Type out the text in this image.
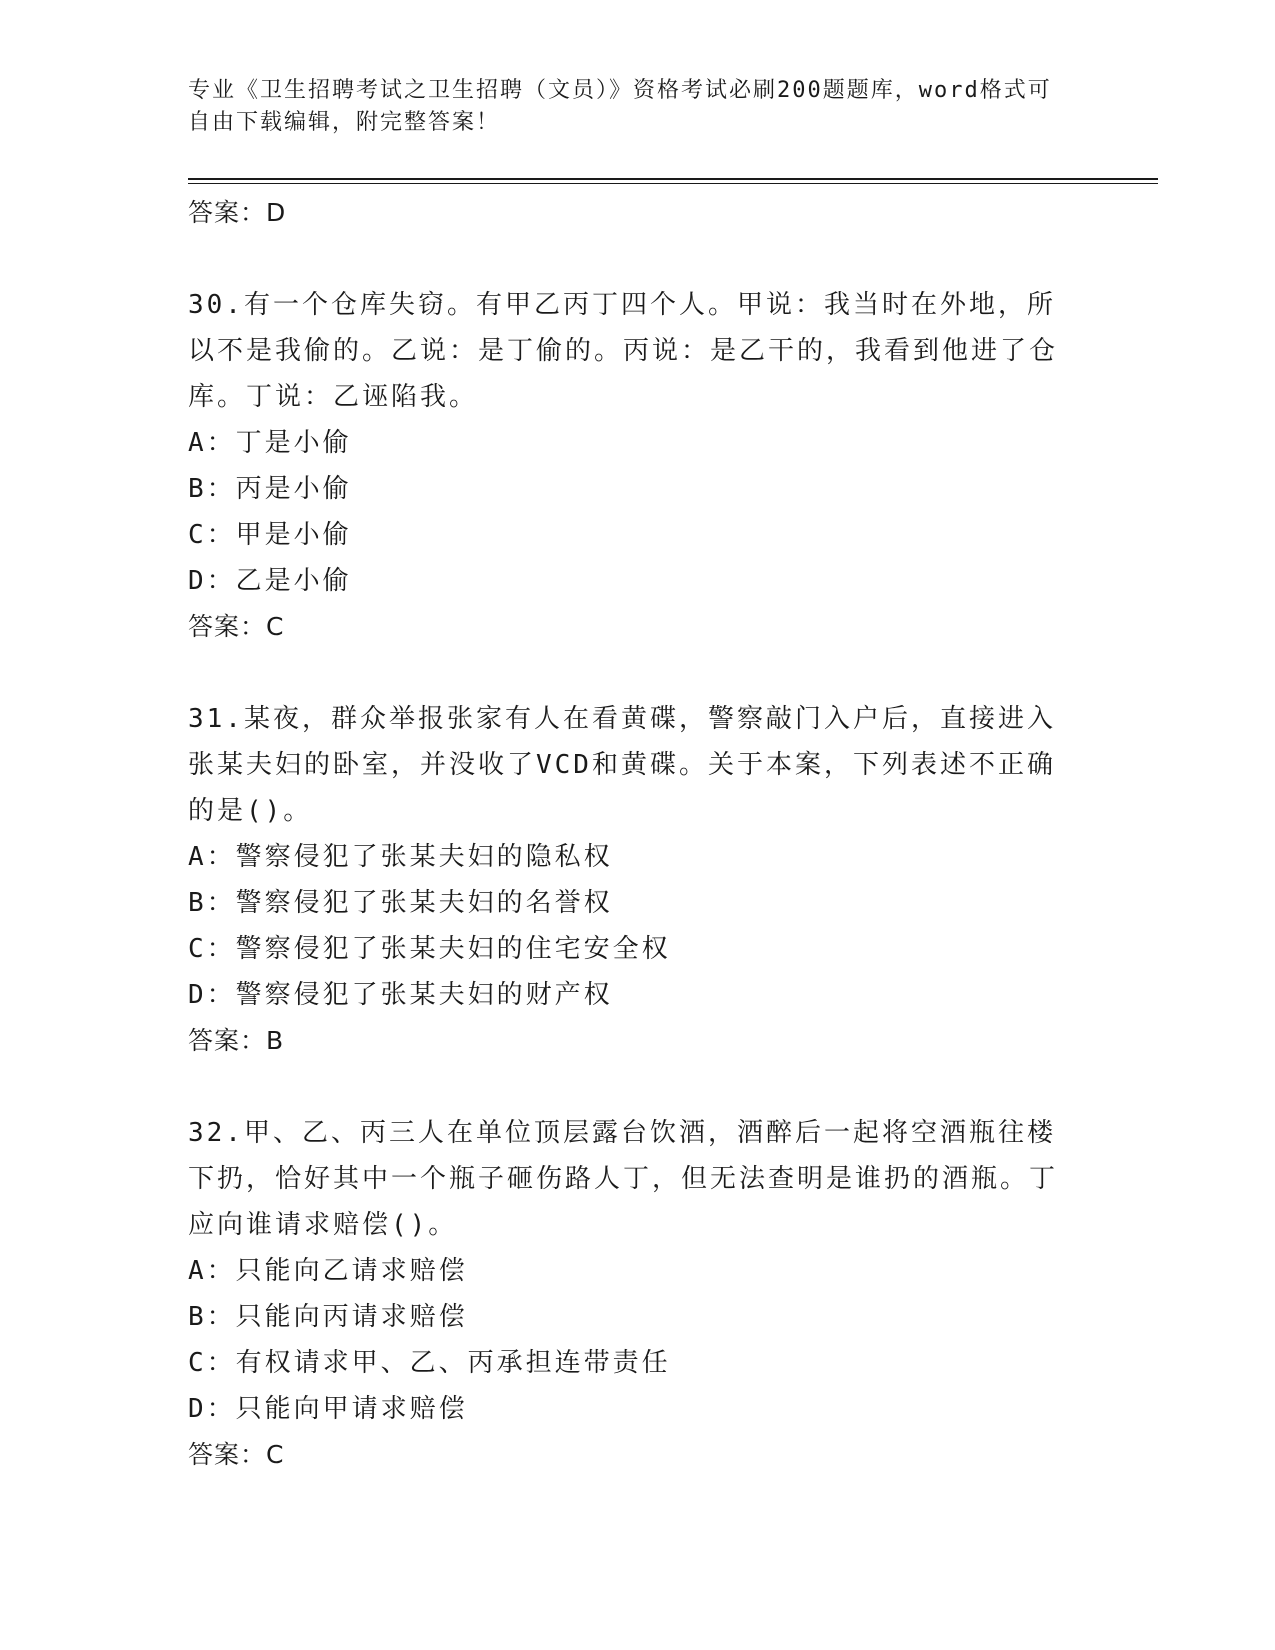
专业《卫生招聘考试之卫生招聘（文员）》资格考试必刷200题题库，word格式可自由下载编辑，附完整答案！
答案：D
30.有一个仓库失窃。有甲乙丙丁四个人。甲说：我当时在外地，所以不是我偷的。乙说：是丁偷的。丙说：是乙干的，我看到他进了仓库。丁说：乙诬陷我。
A：丁是小偷
B：丙是小偷
C：甲是小偷
D：乙是小偷
答案：C
31.某夜，群众举报张家有人在看黄碟，警察敲门入户后，直接进入张某夫妇的卧室，并没收了VCD和黄碟。关于本案，下列表述不正确的是()。
A：警察侵犯了张某夫妇的隐私权
B：警察侵犯了张某夫妇的名誉权
C：警察侵犯了张某夫妇的住宅安全权
D：警察侵犯了张某夫妇的财产权
答案：B
32.甲、乙、丙三人在单位顶层露台饮酒，酒醉后一起将空酒瓶往楼下扔，恰好其中一个瓶子砸伤路人丁，但无法查明是谁扔的酒瓶。丁应向谁请求赔偿()。
A：只能向乙请求赔偿
B：只能向丙请求赔偿
C：有权请求甲、乙、丙承担连带责任
D：只能向甲请求赔偿
答案：C
